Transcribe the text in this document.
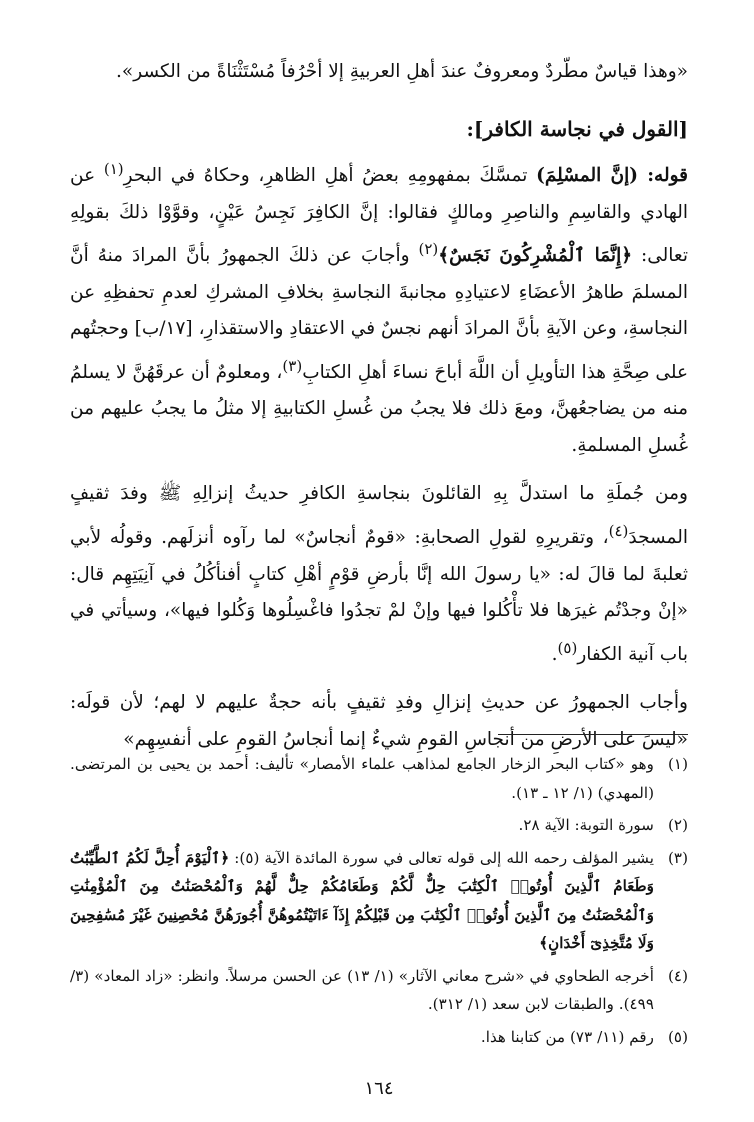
«وهذا قياسٌ مطّردٌ ومعروفٌ عندَ أهلِ العربيةِ إلا أحْرُفاً مُسْتَثْنَاةً من الكسر».

[القول في نجاسة الكافر]:

قوله: (إنَّ المسْلِمَ) تمسَّكَ بمفهومِهِ بعضُ أهلِ الظاهرِ، وحكاهُ في البحرِ$^{(١)}$ عن الهادي والقاسِمِ والناصِرِ ومالكٍ فقالوا: إنَّ الكافِرَ نَجِسُ عَيْنٍ، وقوَّوْا ذلكَ بقولِهِ تعالى: ﴿إِنَّمَا ٱلْمُشْرِكُونَ نَجَسٌ﴾$^{(٢)}$ وأجابَ عن ذلكَ الجمهورُ بأنَّ المرادَ منهُ أنَّ المسلمَ طاهرُ الأعضَاءِ لاعتيادِهِ مجانبةَ النجاسةِ بخلافِ المشركِ لعدمِ تحفظِهِ عن النجاسةِ، وعن الآيةِ بأنَّ المرادَ أنهم نجسٌ في الاعتقادِ والاستقذارِ، [١٧/ب] وحجتُهم على صِحَّةِ هذا التأويلِ أن اللَّهَ أباحَ نساءَ أهلِ الكتابِ$^{(٣)}$، ومعلومٌ أن عرقَهُنَّ لا يسلمُ منه من يضاجعُهنَّ، ومعَ ذلك فلا يجبُ من غُسلِ الكتابيةِ إلا مثلُ ما يجبُ عليهم من غُسلِ المسلمةِ.

ومن جُملَةِ ما استدلَّ بِهِ القائلونَ بنجاسةِ الكافرِ حديثُ إنزالِهِ ﷺ وفدَ ثقيفٍ المسجدَ$^{(٤)}$، وتقريرِهِ لقولِ الصحابةِ: «قومٌ أنجاسٌ» لما رآوه أنزلَهم. وقولُه لأبي ثعلبةَ لما قالَ له: «يا رسولَ الله إنَّا بأرضِ قوْمٍ أهْلِ كتابٍ أفنأكُلُ في آنِيَتِهِم قال: «إنْ وجدْتُم غيرَها فلا تأْكُلوا فيها وإنْ لمْ تجدُوا فاغْسِلُوها وَكُلوا فيها»، وسيأتي في باب آنية الكفار$^{(٥)}$.

وأجاب الجمهورُ عن حديثِ إنزالِ وفدِ ثقيفٍ بأنه حجةٌ عليهم لا لهم؛ لأن قولَه: «ليسَ على الأرضِ من أنجاسِ القومِ شيءٌ إنما أنجاسُ القومِ على أنفسِهِم»

(١)
وهو «كتاب البحر الزخار الجامع لمذاهب علماء الأمصار» تأليف: أحمد بن يحيى بن المرتضى. (المهدي) (١/ ١٢ ـ ١٣).
(٢)
سورة التوبة: الآية ٢٨.
(٣)
يشير المؤلف رحمه الله إلى قوله تعالى في سورة المائدة الآية (٥): ﴿ٱلْيَوْمَ أُحِلَّ لَكُمُ ٱلطَّيِّبَٰتُ وَطَعَامُ ٱلَّذِينَ أُوتُوا۟ ٱلْكِتَٰبَ حِلٌّ لَّكُمْ وَطَعَامُكُمْ حِلٌّ لَّهُمْ وَٱلْمُحْصَنَٰتُ مِنَ ٱلْمُؤْمِنَٰتِ وَٱلْمُحْصَنَٰتُ مِنَ ٱلَّذِينَ أُوتُوا۟ ٱلْكِتَٰبَ مِن قَبْلِكُمْ إِذَآ ءَاتَيْتُمُوهُنَّ أُجُورَهُنَّ مُحْصِنِينَ غَيْرَ مُسَٰفِحِينَ وَلَا مُتَّخِذِىٓ أَخْدَانٍ﴾
(٤)
أخرجه الطحاوي في «شرح معاني الآثار» (١/ ١٣) عن الحسن مرسلاً. وانظر: «زاد المعاد» (٣/ ٤٩٩). والطبقات لابن سعد (١/ ٣١٢).
(٥)
رقم (١١/ ٧٣) من كتابنا هذا.
١٦٤
